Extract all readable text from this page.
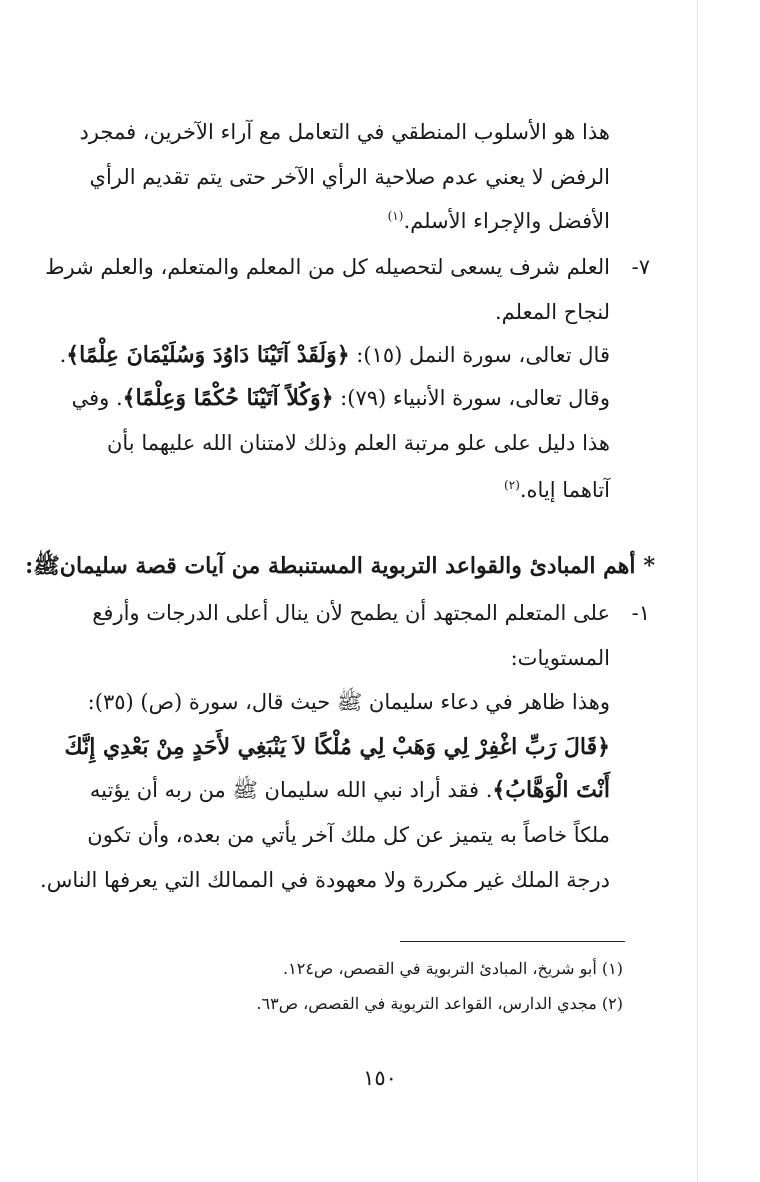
هذا هو الأسلوب المنطقي في التعامل مع آراء الآخرين، فمجرد
الرفض لا يعني عدم صلاحية الرأي الآخر حتى يتم تقديم الرأي
الأفضل والإجراء الأسلم.$^{(١)}$
٧-
العلم شرف يسعى لتحصيله كل من المعلم والمتعلم، والعلم شرط
لنجاح المعلم.
قال تعالى، سورة النمل (١٥): ﴿وَلَقَدْ آتَيْنَا دَاوُدَ وَسُلَيْمَانَ عِلْمًا﴾.
وقال تعالى، سورة الأنبياء (٧٩): ﴿وَكُلاً آتَيْنَا حُكْمًا وَعِلْمًا﴾. وفي
هذا دليل على علو مرتبة العلم وذلك لامتنان الله عليهما بأن
آتاهما إياه.$^{(٢)}$
*أهم المبادئ والقواعد التربوية المستنبطة من آيات قصة سليمانﷺ:
١-
على المتعلم المجتهد أن يطمح لأن ينال أعلى الدرجات وأرفع
المستويات:
وهذا ظاهر في دعاء سليمان ﷺ حيث قال، سورة (ص) (٣٥):
﴿قَالَ رَبِّ اغْفِرْ لِي وَهَبْ لِي مُلْكًا لاَ يَنْبَغِي لأَحَدٍ مِنْ بَعْدِي إِنَّكَ
أَنْتَ الْوَهَّابُ﴾. فقد أراد نبي الله سليمان ﷺ من ربه أن يؤتيه
ملكاً خاصاً به يتميز عن كل ملك آخر يأتي من بعده، وأن تكون
درجة الملك غير مكررة ولا معهودة في الممالك التي يعرفها الناس.
(١) أبو شريخ، المبادئ التربوية في القصص، ص١٢٤.
(٢) مجدي الدارس، القواعد التربوية في القصص، ص٦٣.
١٥٠
